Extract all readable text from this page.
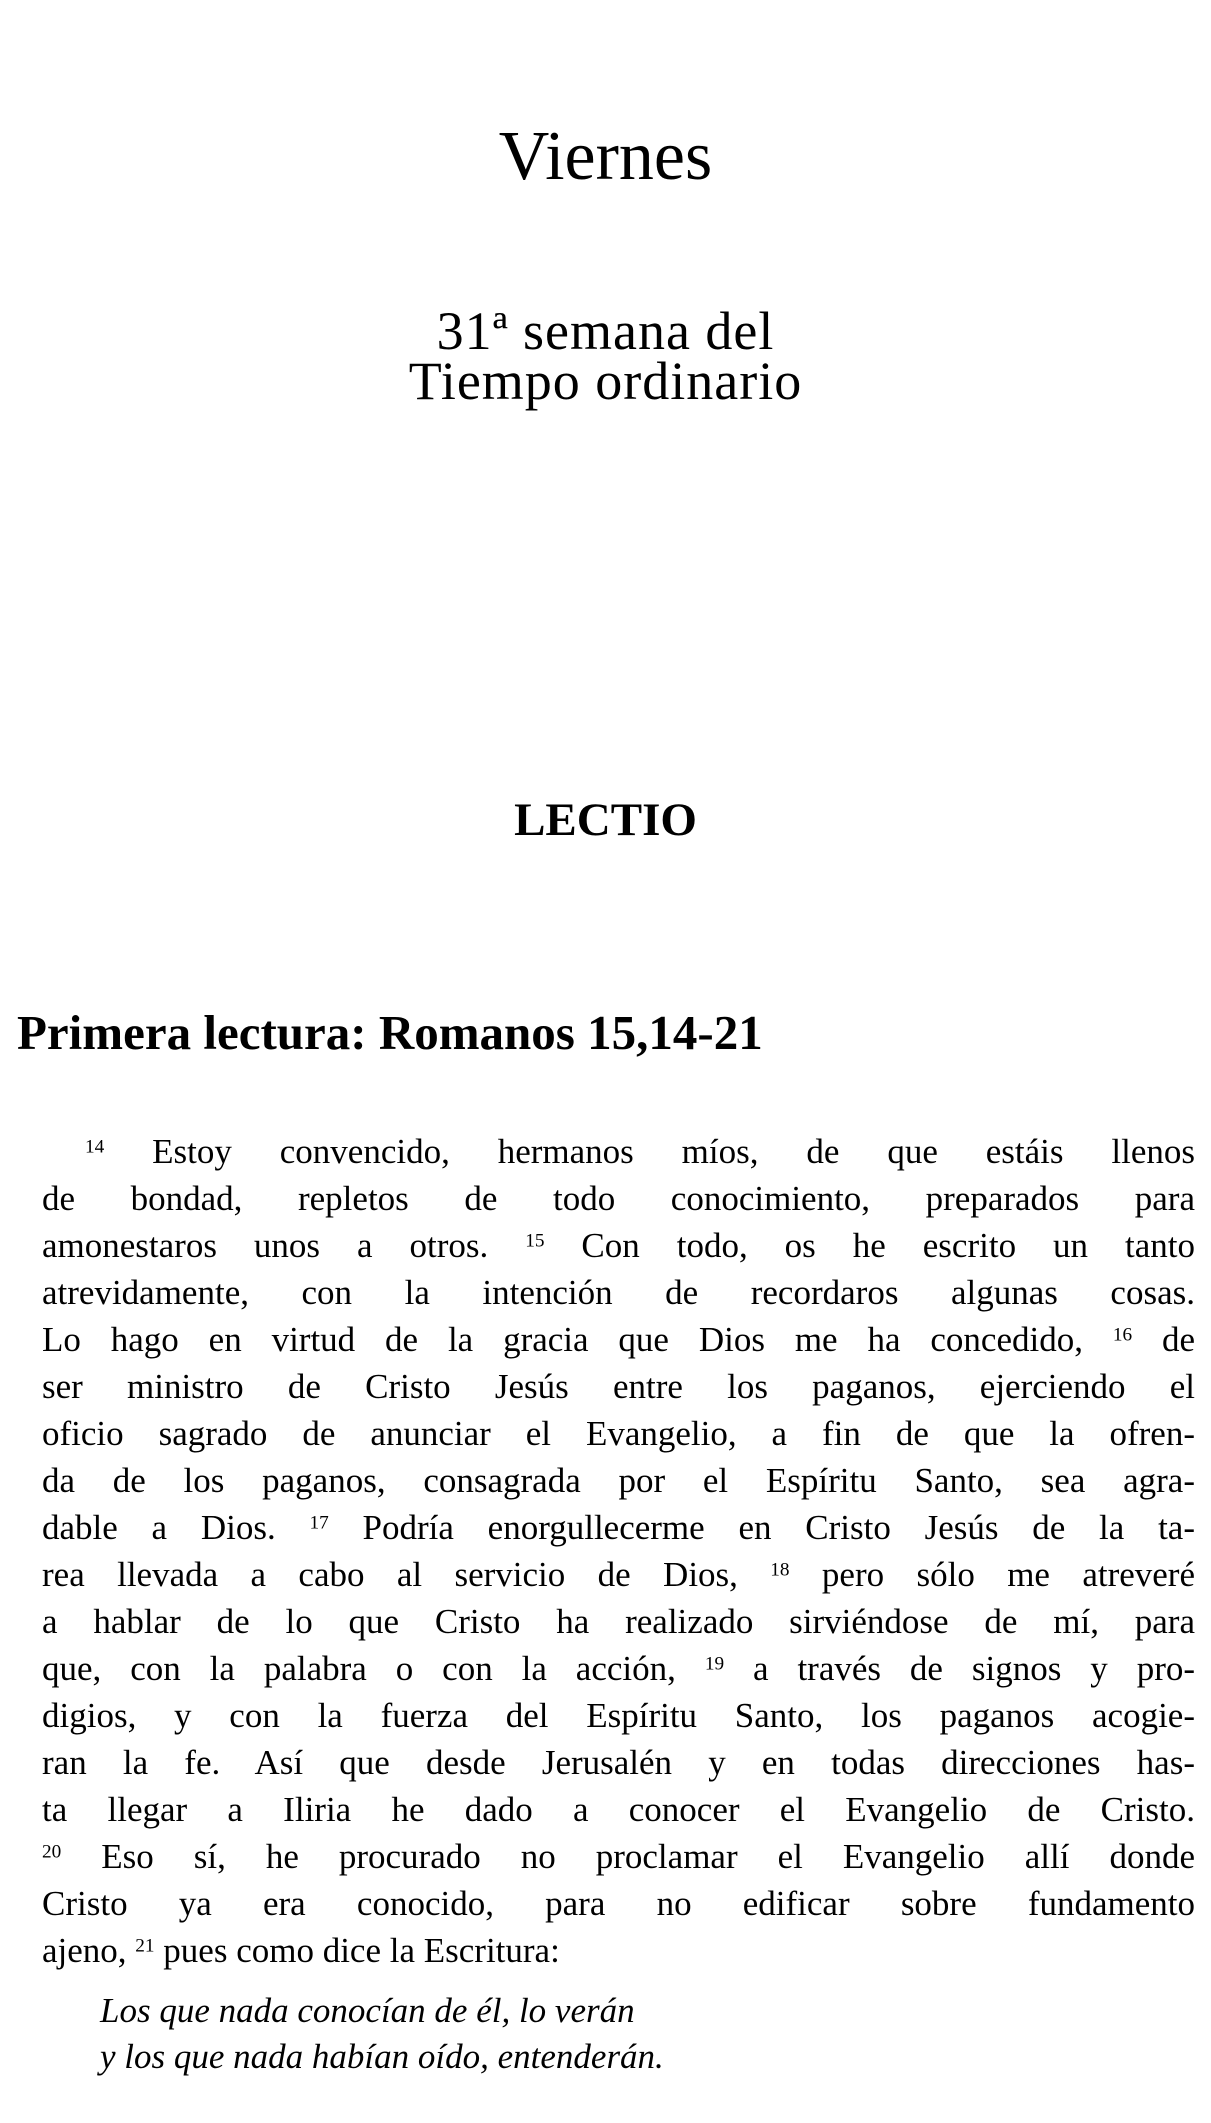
Viernes
31ª semana del
Tiempo ordinario
LECTIO
Primera lectura: Romanos 15,14-21
$^{14}$ Estoy convencido, hermanos míos, de que estáis llenos
de bondad, repletos de todo conocimiento, preparados para
amonestaros unos a otros. $^{15}$ Con todo, os he escrito un tanto
atrevidamente, con la intención de recordaros algunas cosas.
Lo hago en virtud de la gracia que Dios me ha concedido, $^{16}$ de
ser ministro de Cristo Jesús entre los paganos, ejerciendo el
oficio sagrado de anunciar el Evangelio, a fin de que la ofren-
da de los paganos, consagrada por el Espíritu Santo, sea agra-
dable a Dios. $^{17}$ Podría enorgullecerme en Cristo Jesús de la ta-
rea llevada a cabo al servicio de Dios, $^{18}$ pero sólo me atreveré
a hablar de lo que Cristo ha realizado sirviéndose de mí, para
que, con la palabra o con la acción, $^{19}$ a través de signos y pro-
digios, y con la fuerza del Espíritu Santo, los paganos acogie-
ran la fe. Así que desde Jerusalén y en todas direcciones has-
ta llegar a Iliria he dado a conocer el Evangelio de Cristo.
$^{20}$ Eso sí, he procurado no proclamar el Evangelio allí donde
Cristo ya era conocido, para no edificar sobre fundamento
ajeno, $^{21}$ pues como dice la Escritura:
Los que nada conocían de él, lo verán
y los que nada habían oído, entenderán.
